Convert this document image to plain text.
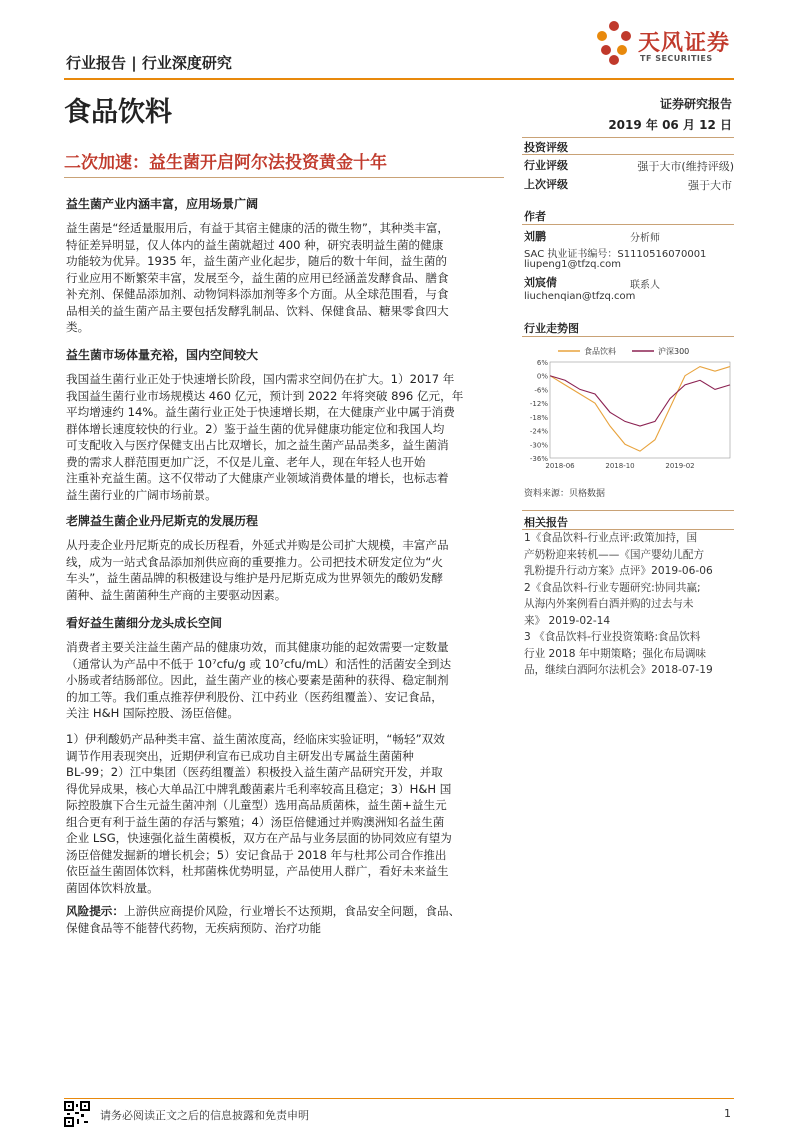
行业报告 | 行业深度研究
天风证券
TF SECURITIES
食品饮料	证券研究报告
2019 年 06 月 12 日
二次加速：益生菌开启阿尔法投资黄金十年
投资评级
行业评级	强于大市(维持评级)
上次评级	强于大市
作者
刘鹏	分析师
SAC 执业证书编号：S1110516070001
liupeng1@tfzq.com
刘宸倩	联系人
liuchenqian@tfzq.com
行业走势图
6%
0%
-6%
-12%
-18%
-24%
-30%
-36%
2018-06	2018-10	2019-02
食品饮料	沪深300
资料来源：贝格数据
相关报告
1《食品饮料-行业点评:政策加持，国
产奶粉迎来转机——《国产婴幼儿配方
乳粉提升行动方案》点评》2019-06-06
2《食品饮料-行业专题研究:协同共赢;
从海内外案例看白酒并购的过去与未
来》 2019-02-14
3 《食品饮料-行业投资策略:食品饮料
行业 2018 年中期策略；强化布局调味
品，继续白酒阿尔法机会》2018-07-19
益生菌产业内涵丰富，应用场景广阔
益生菌是“经适量服用后，有益于其宿主健康的活的微生物”，其种类丰富，
特征差异明显，仅人体内的益生菌就超过 400 种，研究表明益生菌的健康
功能较为优异。1935 年，益生菌产业化起步，随后的数十年间，益生菌的
行业应用不断繁荣丰富，发展至今，益生菌的应用已经涵盖发酵食品、膳食
补充剂、保健品添加剂、动物饲料添加剂等多个方面。从全球范围看，与食
品相关的益生菌产品主要包括发酵乳制品、饮料、保健食品、糖果零食四大
类。
益生菌市场体量充裕，国内空间较大
我国益生菌行业正处于快速增长阶段，国内需求空间仍在扩大。1）2017 年
我国益生菌行业市场规模达 460 亿元，预计到 2022 年将突破 896 亿元，年
平均增速约 14%。益生菌行业正处于快速增长期，在大健康产业中属于消费
群体增长速度较快的行业。2）鉴于益生菌的优异健康功能定位和我国人均
可支配收入与医疗保健支出占比双增长，加之益生菌产品品类多，益生菌消
费的需求人群范围更加广泛，不仅是儿童、老年人，现在年轻人也开始
注重补充益生菌。这不仅带动了大健康产业领域消费体量的增长，也标志着
益生菌行业的广阔市场前景。
老牌益生菌企业丹尼斯克的发展历程
从丹麦企业丹尼斯克的成长历程看，外延式并购是公司扩大规模，丰富产品
线，成为一站式食品添加剂供应商的重要推力。公司把技术研发定位为“火
车头”，益生菌品牌的积极建设与维护是丹尼斯克成为世界领先的酸奶发酵
菌种、益生菌菌种生产商的主要驱动因素。
看好益生菌细分龙头成长空间
消费者主要关注益生菌产品的健康功效，而其健康功能的起效需要一定数量
（通常认为产品中不低于 10⁷cfu/g 或 10⁷cfu/mL）和活性的活菌安全到达
小肠或者结肠部位。因此，益生菌产业的核心要素是菌种的获得、稳定制剂
的加工等。我们重点推荐伊利股份、江中药业（医药组覆盖）、安记食品，
关注 H&H 国际控股、汤臣倍健。
1）伊利酸奶产品种类丰富、益生菌浓度高，经临床实验证明，“畅轻”双效
调节作用表现突出，近期伊利宣布已成功自主研发出专属益生菌菌种
BL-99；2）江中集团（医药组覆盖）积极投入益生菌产品研究开发，并取
得优异成果，核心大单品江中牌乳酸菌素片毛利率较高且稳定；3）H&H 国
际控股旗下合生元益生菌冲剂（儿童型）选用高品质菌株，益生菌+益生元
组合更有利于益生菌的存活与繁殖；4）汤臣倍健通过并购澳洲知名益生菌
企业 LSG，快速强化益生菌模板，双方在产品与业务层面的协同效应有望为
汤臣倍健发掘新的增长机会；5）安记食品于 2018 年与杜邦公司合作推出
依臣益生菌固体饮料，杜邦菌株优势明显，产品使用人群广，看好未来益生
菌固体饮料放量。
风险提示：上游供应商提价风险，行业增长不达预期，食品安全问题，食品、
保健食品等不能替代药物，无疾病预防、治疗功能
请务必阅读正文之后的信息披露和免责申明	1
